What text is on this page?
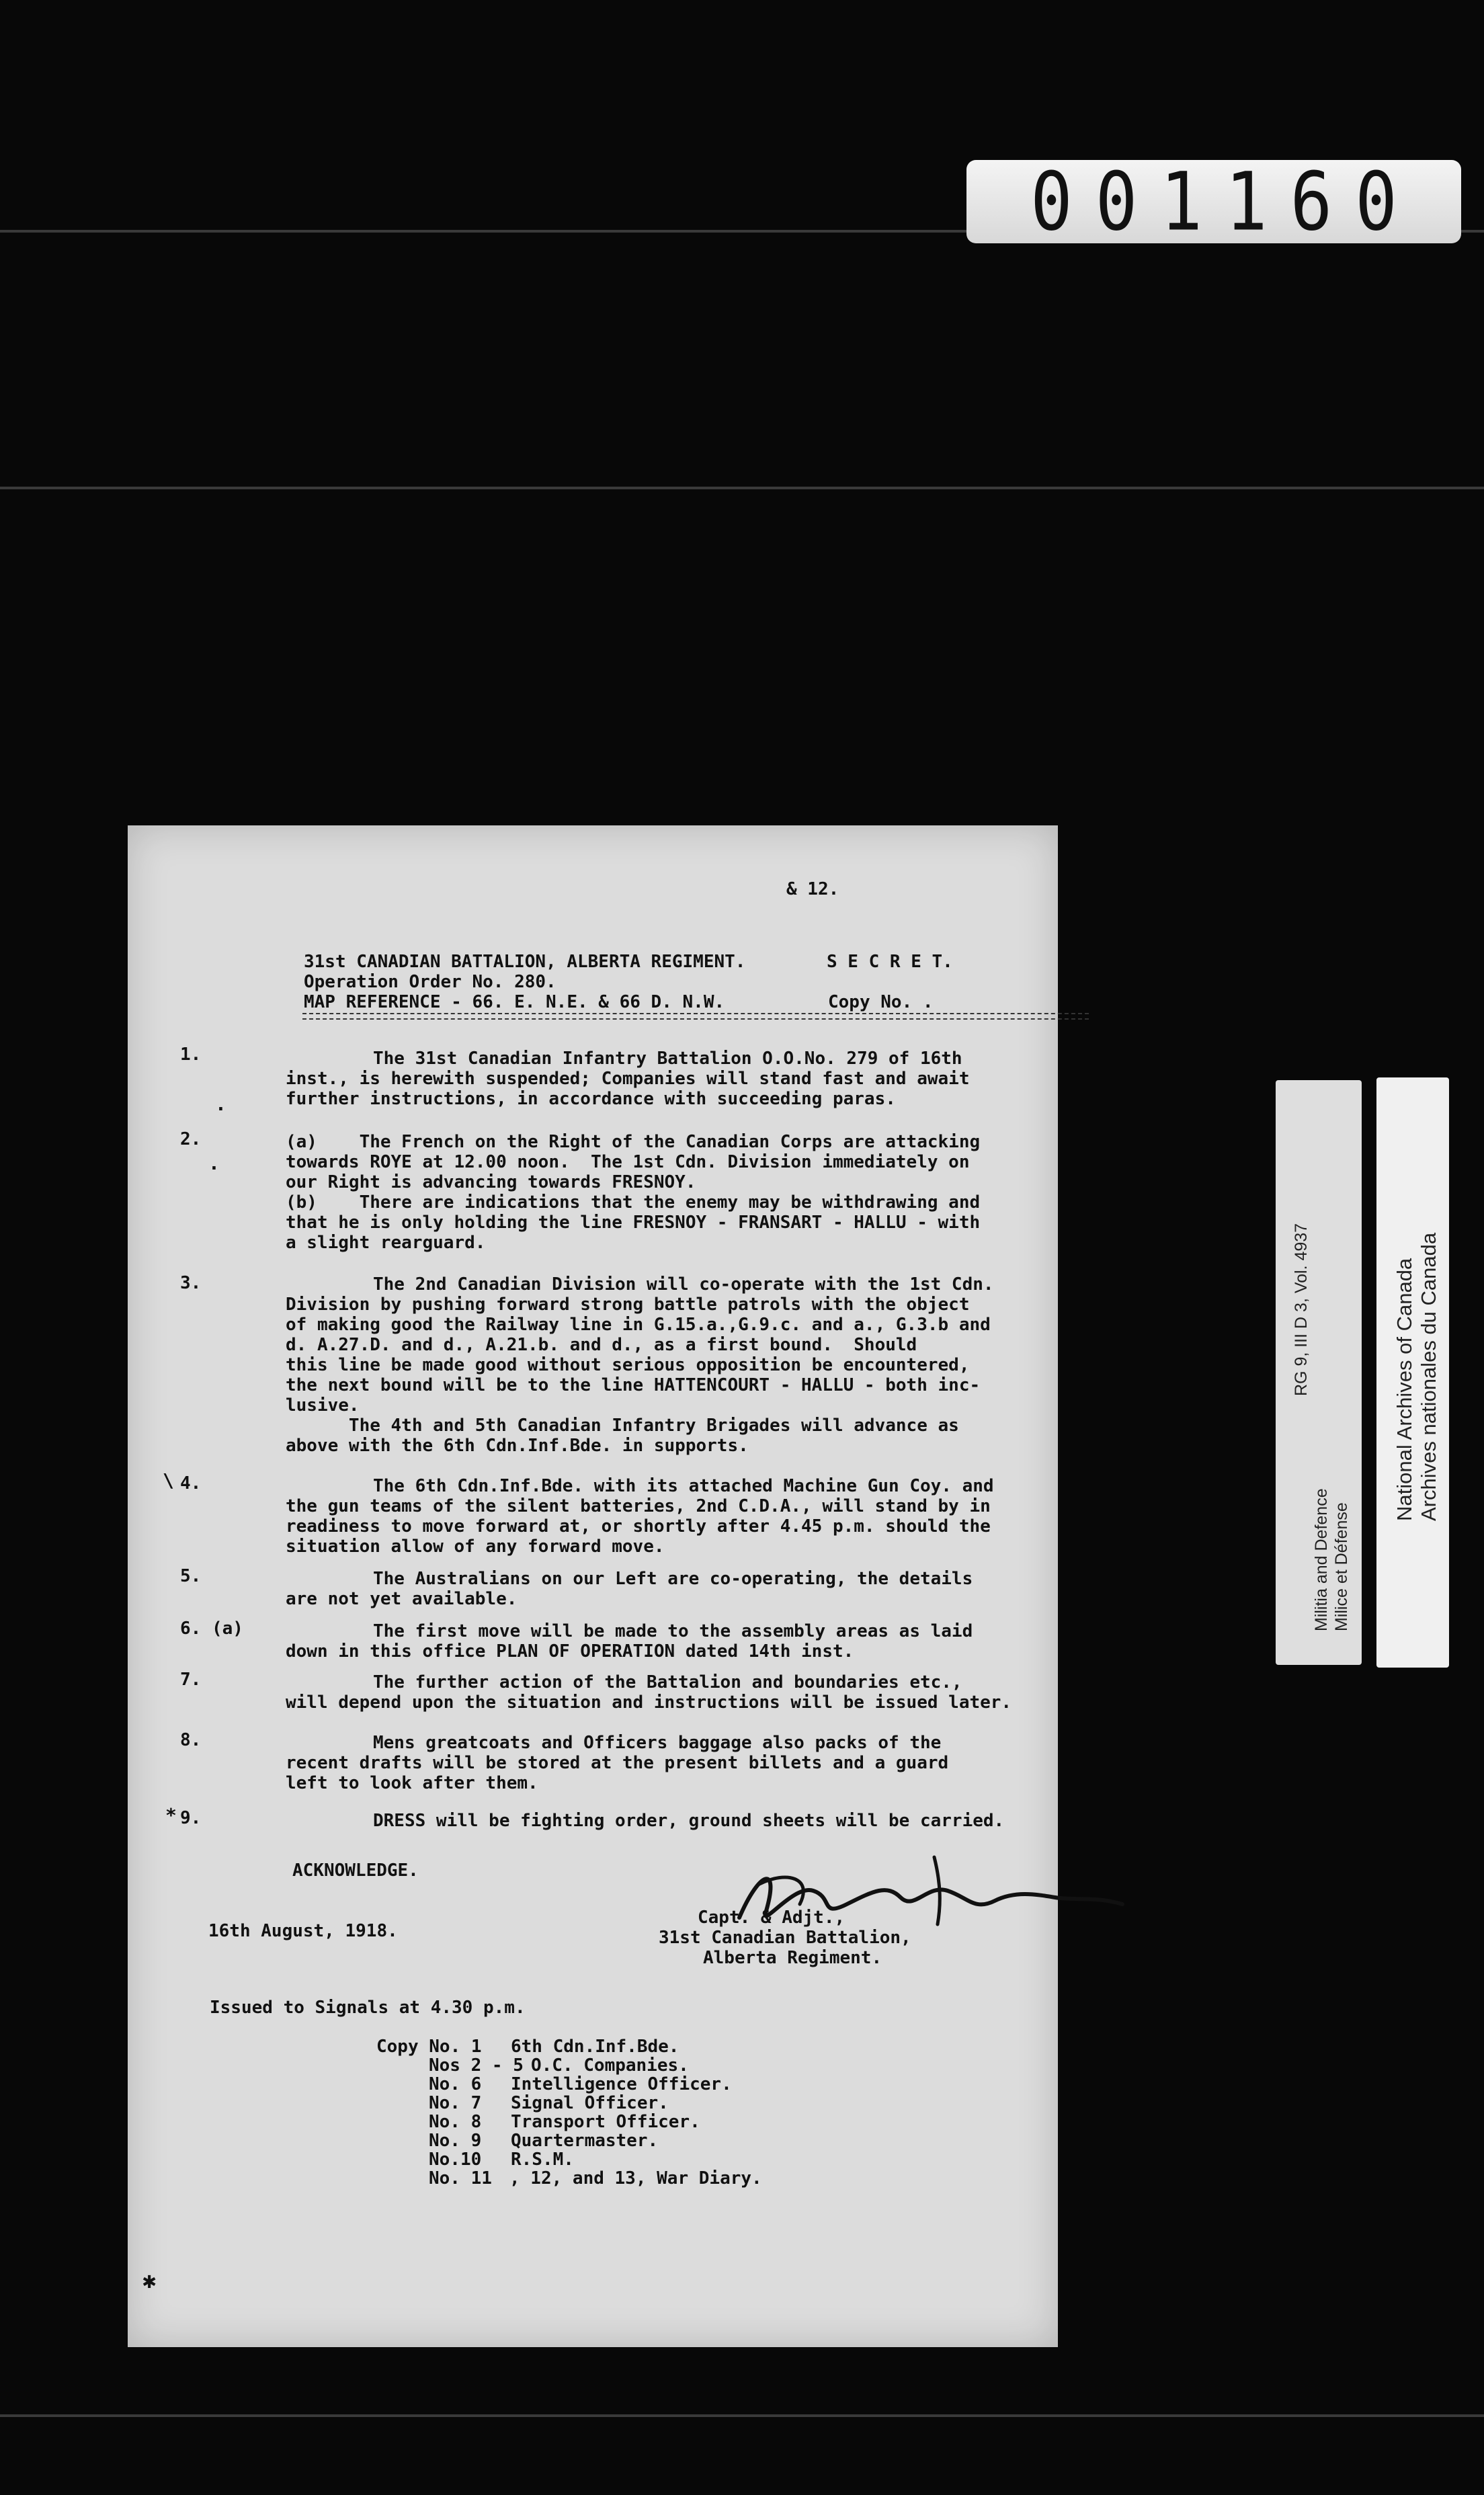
001160
& 12.
31st CANADIAN BATTALION, ALBERTA REGIMENT.	S E C R E T.
Operation Order No. 280.
MAP REFERENCE - 66. E. N.E. & 66 D. N.W.	Copy No. .
1.	The 31st Canadian Infantry Battalion O.O.No. 279 of 16th
inst., is herewith suspended; Companies will stand fast and await
further instructions, in accordance with succeeding paras.
2.	(a)    The French on the Right of the Canadian Corps are attacking
towards ROYE at 12.00 noon.  The 1st Cdn. Division immediately on
our Right is advancing towards FRESNOY.
(b)    There are indications that the enemy may be withdrawing and
that he is only holding the line FRESNOY - FRANSART - HALLU - with
a slight rearguard.
3.	The 2nd Canadian Division will co-operate with the 1st Cdn.
Division by pushing forward strong battle patrols with the object
of making good the Railway line in G.15.a.,G.9.c. and a., G.3.b and
d. A.27.D. and d., A.21.b. and d., as a first bound.  Should
this line be made good without serious opposition be encountered,
the next bound will be to the line HATTENCOURT - HALLU - both inc-
lusive.
The 4th and 5th Canadian Infantry Brigades will advance as
above with the 6th Cdn.Inf.Bde. in supports.
4.	The 6th Cdn.Inf.Bde. with its attached Machine Gun Coy. and
the gun teams of the silent batteries, 2nd C.D.A., will stand by in
readiness to move forward at, or shortly after 4.45 p.m. should the
situation allow of any forward move.
5.	The Australians on our Left are co-operating, the details
are not yet available.
6. (a)	The first move will be made to the assembly areas as laid
down in this office PLAN OF OPERATION dated 14th inst.
7.	The further action of the Battalion and boundaries etc.,
will depend upon the situation and instructions will be issued later.
8.	Mens greatcoats and Officers baggage also packs of the
recent drafts will be stored at the present billets and a guard
left to look after them.
9.	DRESS will be fighting order, ground sheets will be carried.
ACKNOWLEDGE.
16th August, 1918.
Capt. & Adjt.,
31st Canadian Battalion,
Alberta Regiment.
Issued to Signals at 4.30 p.m.
Copy No. 1 6th Cdn.Inf.Bde.
Nos 2 - 5 O.C. Companies.
No. 6 Intelligence Officer.
No. 7 Signal Officer.
No. 8 Transport Officer.
No. 9 Quartermaster.
No.10 R.S.M.
No. 11 , 12, and 13, War Diary.
.
.
\
*
✱
RG 9, III D 3, Vol. 4937
Militia and Defence Milice et Défense
National Archives of Canada Archives nationales du Canada
